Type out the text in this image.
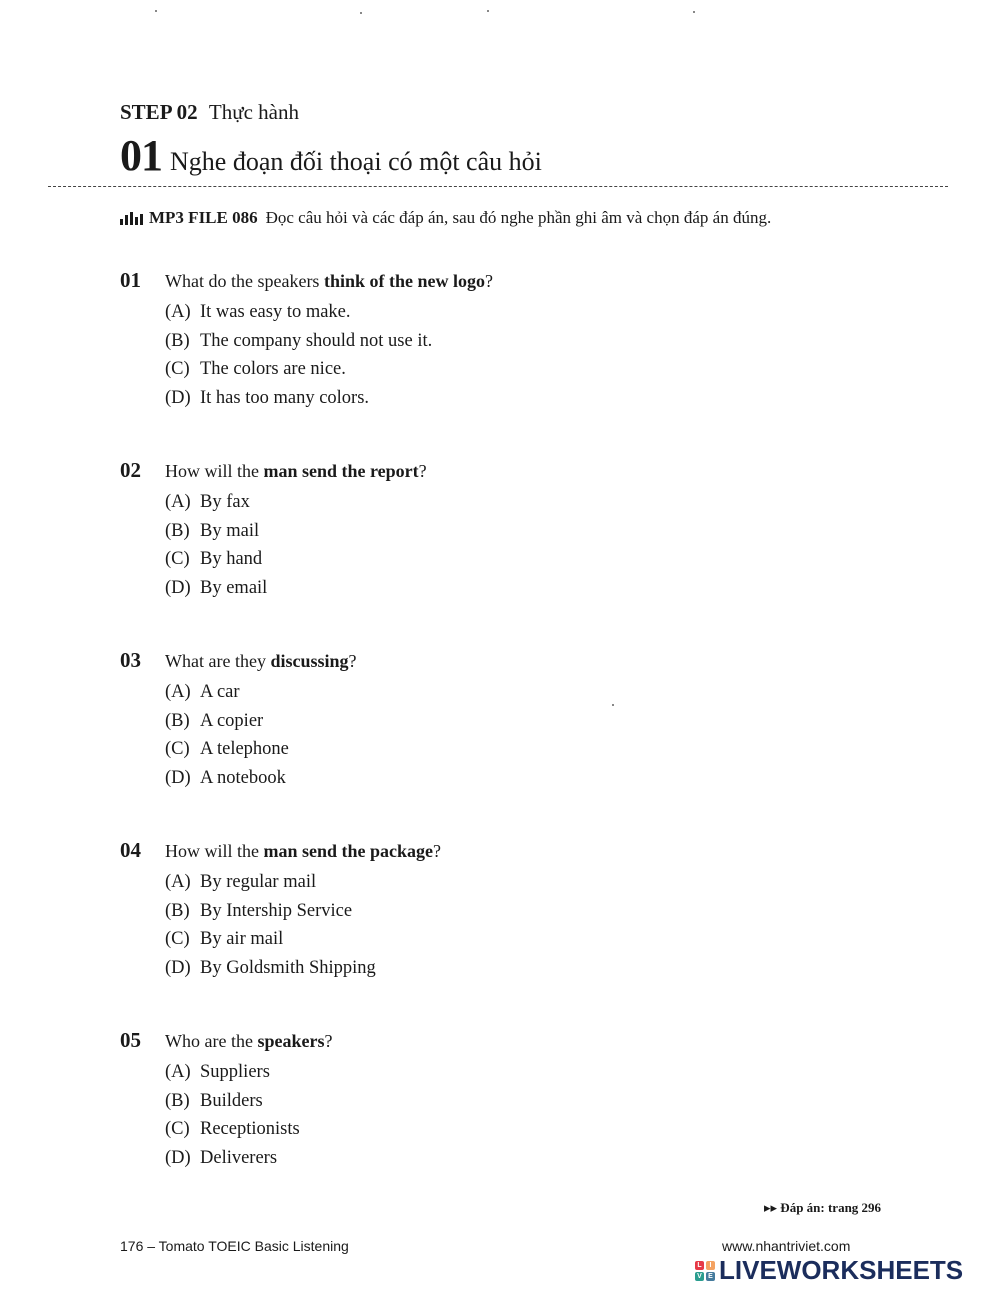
STEP 02 Thực hành
01 Nghe đoạn đối thoại có một câu hỏi
MP3 FILE 086 Đọc câu hỏi và các đáp án, sau đó nghe phần ghi âm và chọn đáp án đúng.
01	What do the speakers think of the new logo?
(A) It was easy to make.
(B) The company should not use it.
(C) The colors are nice.
(D) It has too many colors.
02	How will the man send the report?
(A) By fax
(B) By mail
(C) By hand
(D) By email
03	What are they discussing?
(A) A car
(B) A copier
(C) A telephone
(D) A notebook
04	How will the man send the package?
(A) By regular mail
(B) By Intership Service
(C) By air mail
(D) By Goldsmith Shipping
05	Who are the speakers?
(A) Suppliers
(B) Builders
(C) Receptionists
(D) Deliverers
▸▸ Đáp án: trang 296
176 – Tomato TOEIC Basic Listening	www.nhantriviet.com
L	I
V E LIVEWORKSHEETS
